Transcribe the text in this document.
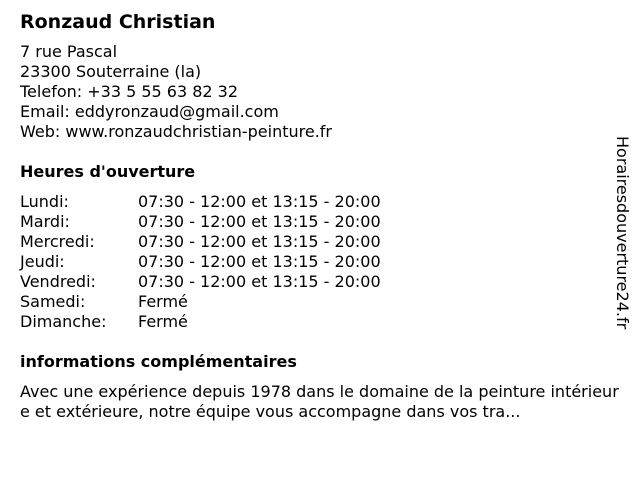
Ronzaud Christian
7 rue Pascal
23300 Souterraine (la)
Telefon: +33 5 55 63 82 32
Email: eddyronzaud@gmail.com
Web: www.ronzaudchristian-peinture.fr
Heures d'ouverture
Lundi:	07:30 - 12:00 et 13:15 - 20:00
Mardi:	07:30 - 12:00 et 13:15 - 20:00
Mercredi:	07:30 - 12:00 et 13:15 - 20:00
Jeudi:	07:30 - 12:00 et 13:15 - 20:00
Vendredi:	07:30 - 12:00 et 13:15 - 20:00
Samedi:	Fermé
Dimanche:	Fermé
informations complémentaires
Avec une expérience depuis 1978 dans le domaine de la peinture intérieure et extérieure, notre équipe vous accompagne dans vos tra...
Horairesdouverture24.fr
